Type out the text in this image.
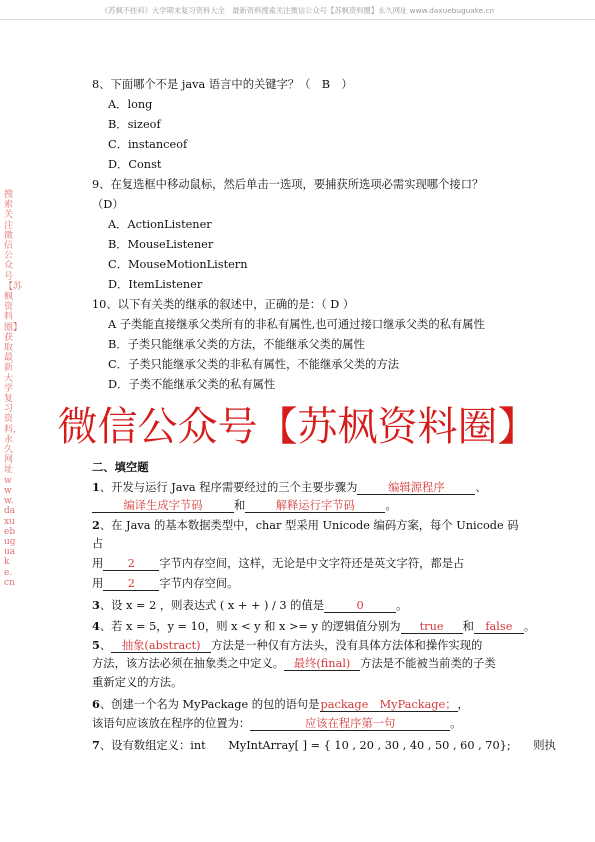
《苏枫不挂科》大学期末复习资料大全　最新资料搜索关注微信公众号【苏枫资料圈】永久网址 www.daxuebuguake.cn
搜索关注微信公众号【苏枫资料圈】获取最新大学复习资料，永久网址www.daxuebuguake.cn
8、下面哪个不是 java 语言中的关键字？（　B　）
A．long
B．sizeof
C．instanceof
D．Const
9、在复选框中移动鼠标，然后单击一选项，要捕获所选项必需实现哪个接口？
（D）
A．ActionListener
B．MouseListener
C．MouseMotionListern
D．ItemListener
10、以下有关类的继承的叙述中，正确的是：（ D ）
A 子类能直接继承父类所有的非私有属性,也可通过接口继承父类的私有属性
B．子类只能继承父类的方法，不能继承父类的属性
C．子类只能继承父类的非私有属性，不能继承父类的方法
D．子类不能继承父类的私有属性
微信公众号【苏枫资料圈】
二、填空题
1、开发与运行 Java 程序需要经过的三个主要步骤为	编辑源程序	、
编译生成字节码	和	解释运行字节码	。
2、在 Java 的基本数据类型中，char 型采用 Unicode 编码方案，每个 Unicode 码
占
用 2 字节内存空间，这样，无论是中文字符还是英文字符，都是占
用 2 字节内存空间。
3、设 x = 2 ，则表达式 ( x + + ) / 3 的值是	0	。
4、若 x = 5，y = 10，则 x < y 和 x >= y 的逻辑值分别为 true 和 false 。
5、 抽象(abstract) 方法是一种仅有方法头，没有具体方法体和操作实现的
方法，该方法必须在抽象类之中定义。 最终(final) 方法是不能被当前类的子类
重新定义的方法。
6、创建一个名为 MyPackage 的包的语句是package　MyPackage；，
该语句应该放在程序的位置为：	应该在程序第一句	。
7、设有数组定义：int　　MyIntArray[ ] = { 10 , 20 , 30 , 40 , 50 , 60 , 70};　　则执
